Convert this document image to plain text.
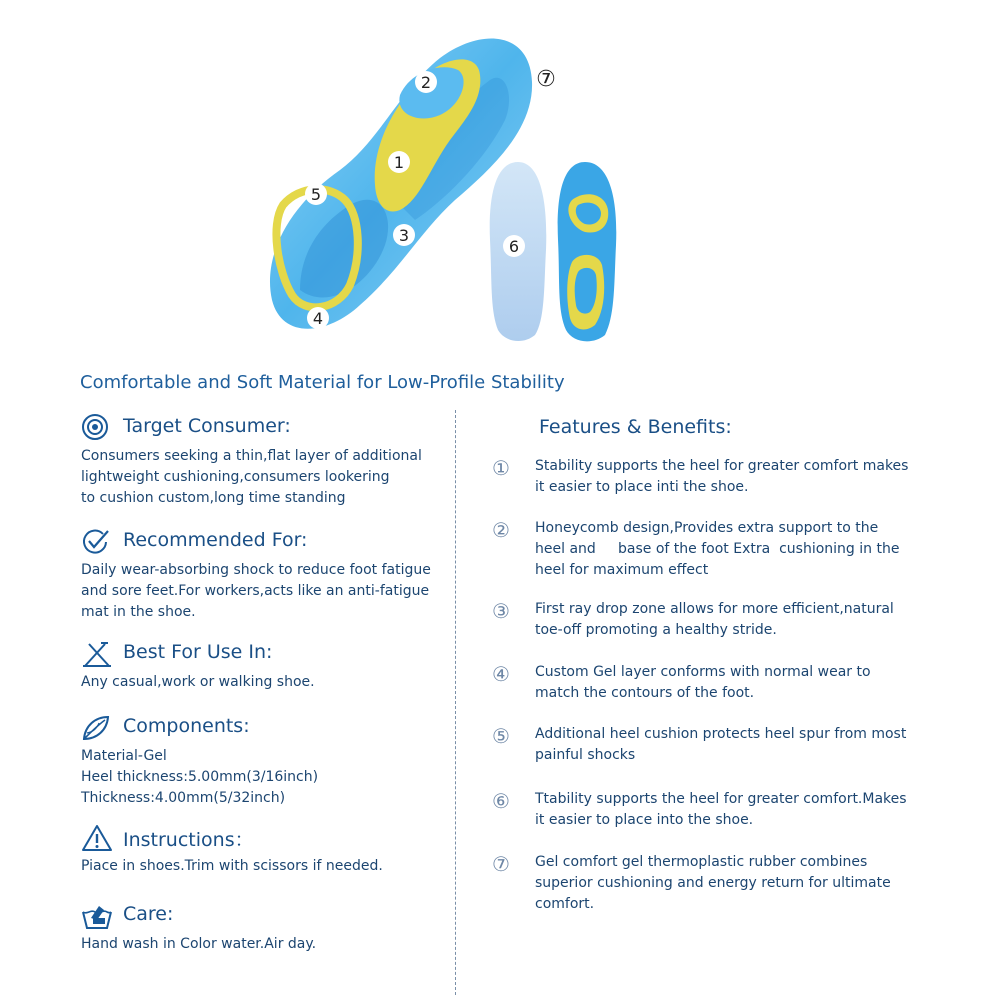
1
2
3
4
5
⑦
6
Comfortable and Soft Material for Low-Profile Stability
Target Consumer:
Consumers seeking a thin,flat layer of additional
lightweight cushioning,consumers lookering
to cushion custom,long time standing
Recommended For:
Daily wear-absorbing shock to reduce foot fatigue
and sore feet.For workers,acts like an anti-fatigue
mat in the shoe.
Best For Use In:
Any casual,work or walking shoe.
Components:
Material-Gel
Heel thickness:5.00mm(3/16inch)
Thickness:4.00mm(5/32inch)
Instructions：
Piace in shoes.Trim with scissors if needed.
Care:
Hand wash in Color water.Air day.
Features & Benefits:
①	Stability supports the heel for greater comfort makes
it easier to place inti the shoe.
②	Honeycomb design,Provides extra support to the
heel and     base of the foot Extra  cushioning in the
heel for maximum effect
③	First ray drop zone allows for more efficient,natural
toe-off promoting a healthy stride.
④	Custom Gel layer conforms with normal wear to
match the contours of the foot.
⑤	Additional heel cushion protects heel spur from most
painful shocks
⑥	Ttability supports the heel for greater comfort.Makes
it easier to place into the shoe.
⑦	Gel comfort gel thermoplastic rubber combines
superior cushioning and energy return for ultimate
comfort.
